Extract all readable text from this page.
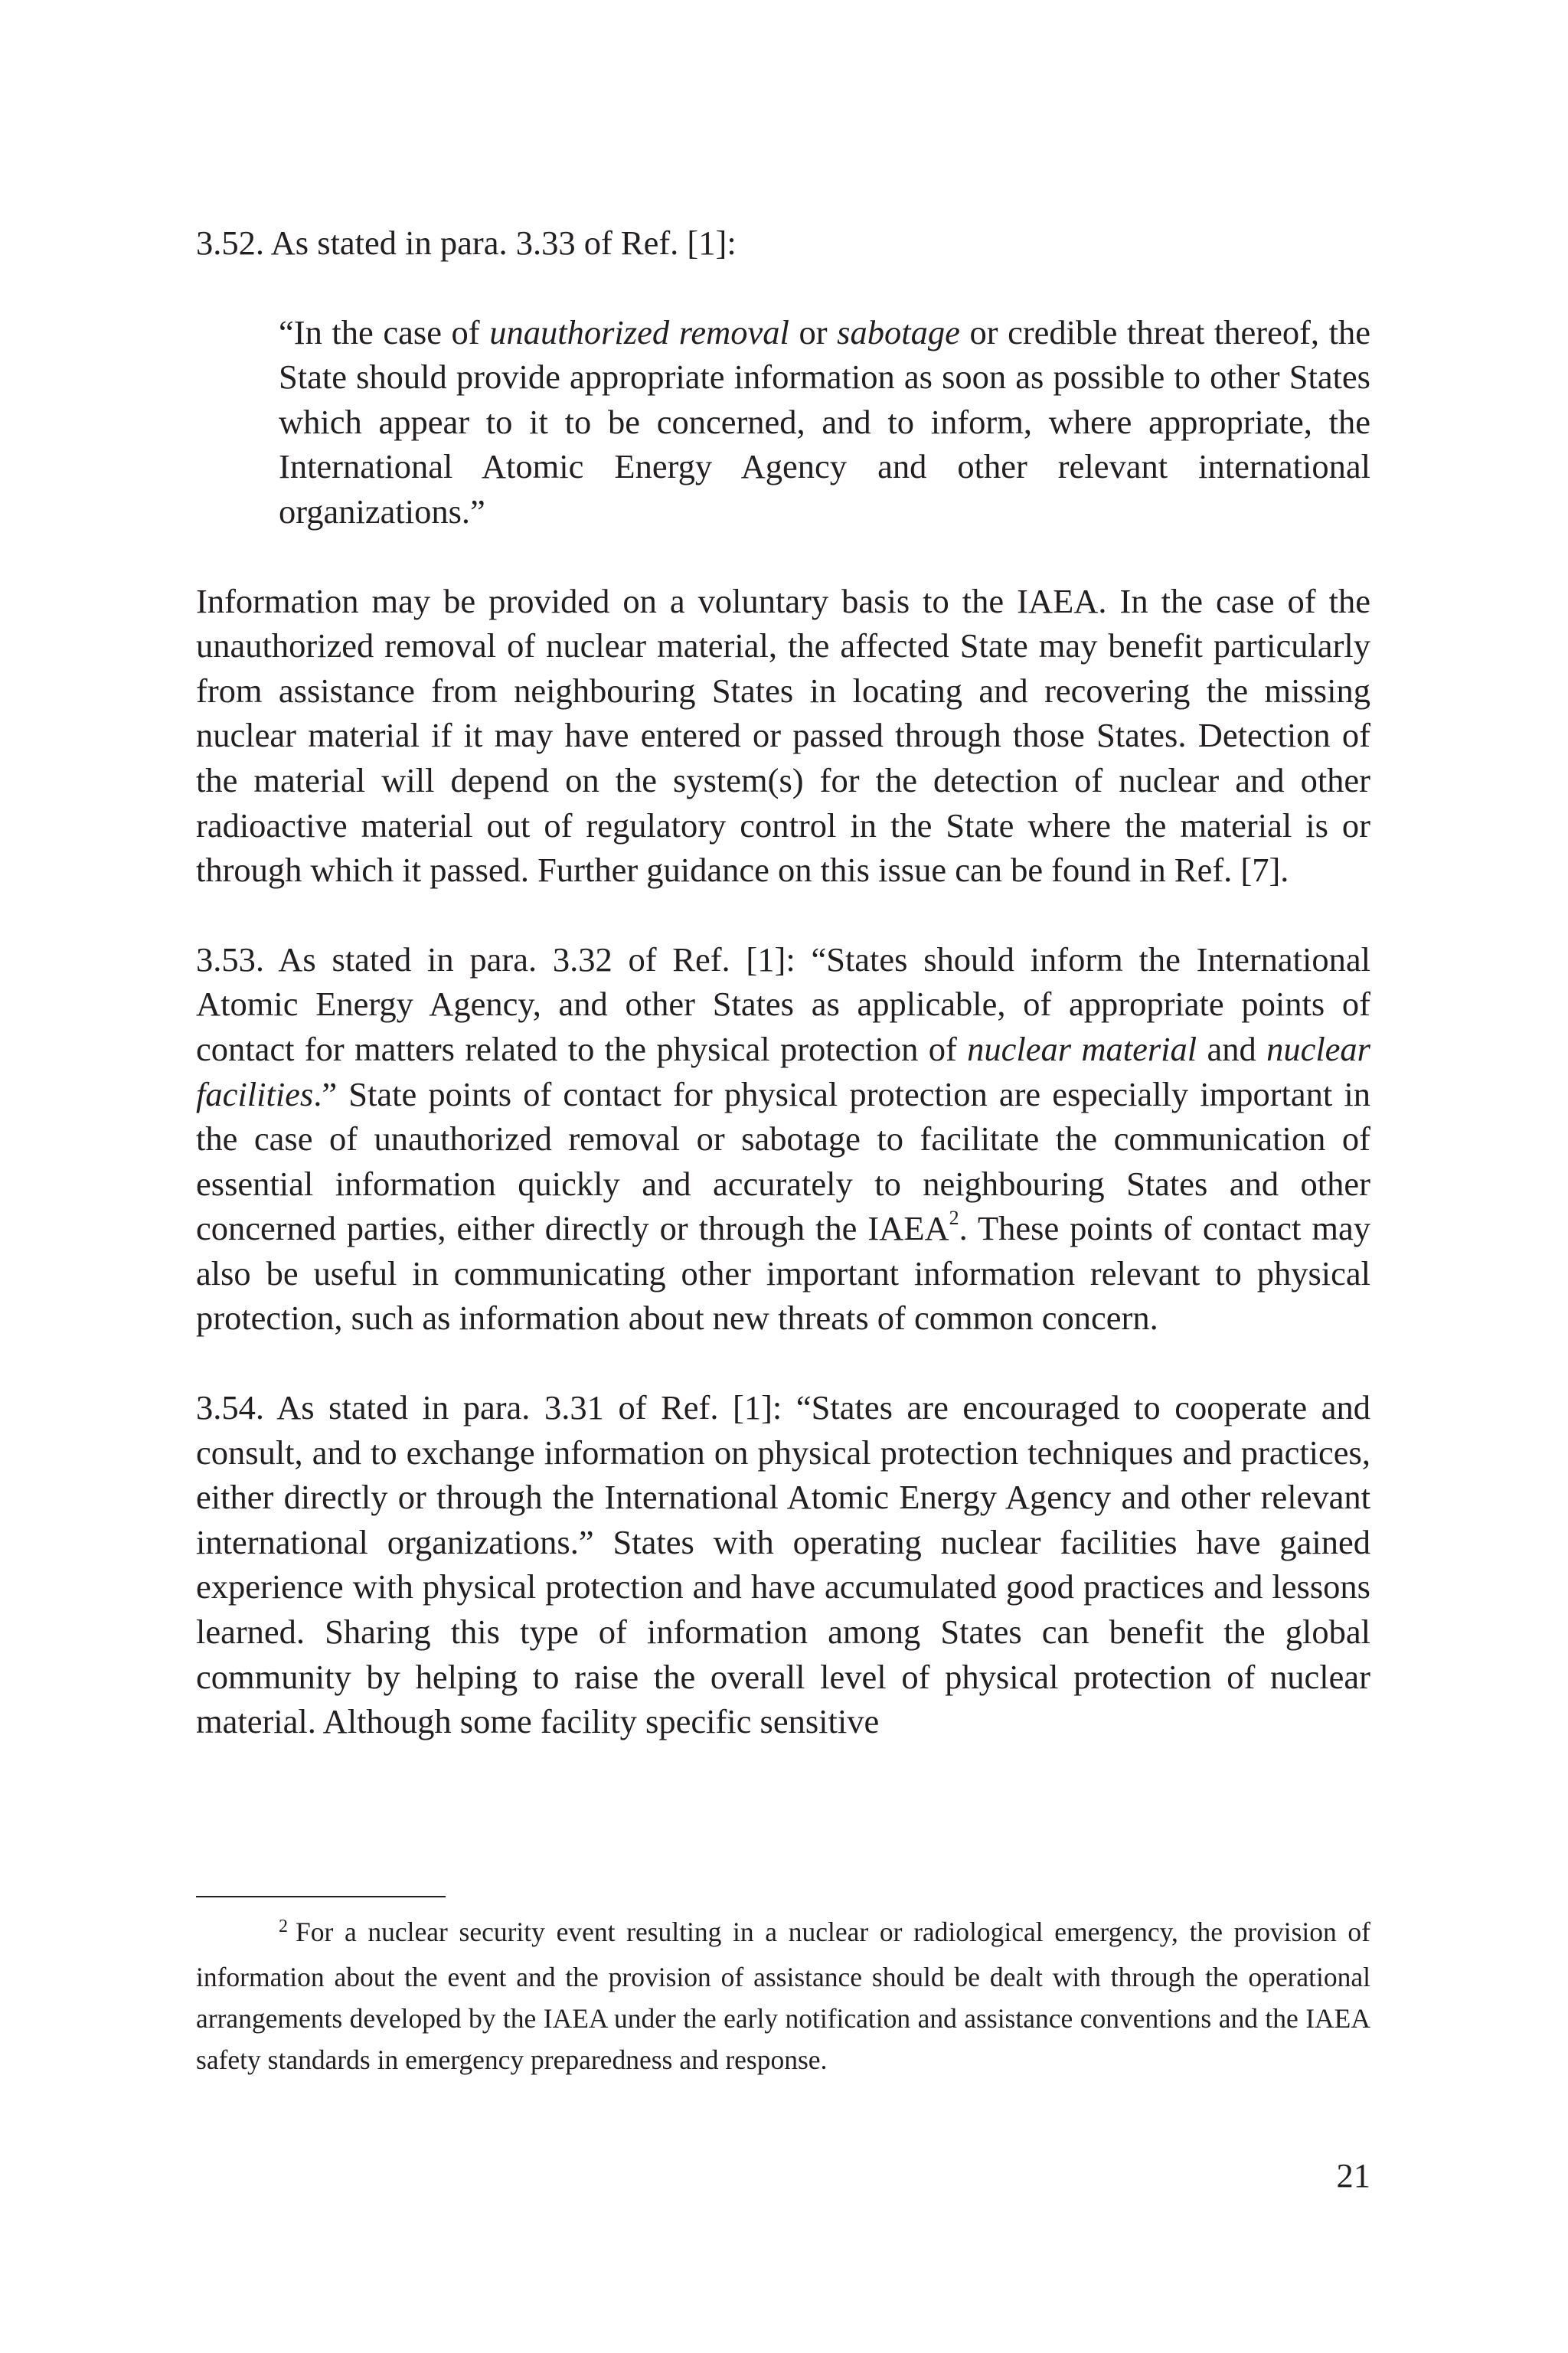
3.52. As stated in para. 3.33 of Ref. [1]:

“In the case of unauthorized removal or sabotage or credible threat thereof, the State should provide appropriate information as soon as possible to other States which appear to it to be concerned, and to inform, where appropriate, the International Atomic Energy Agency and other relevant international organizations.”

Information may be provided on a voluntary basis to the IAEA. In the case of the unauthorized removal of nuclear material, the affected State may benefit particularly from assistance from neighbouring States in locating and recovering the missing nuclear material if it may have entered or passed through those States. Detection of the material will depend on the system(s) for the detection of nuclear and other radioactive material out of regulatory control in the State where the material is or through which it passed. Further guidance on this issue can be found in Ref. [7].

3.53. As stated in para. 3.32 of Ref. [1]: “States should inform the International Atomic Energy Agency, and other States as applicable, of appropriate points of contact for matters related to the physical protection of nuclear material and nuclear facilities.” State points of contact for physical protection are especially important in the case of unauthorized removal or sabotage to facilitate the communication of essential information quickly and accurately to neighbouring States and other concerned parties, either directly or through the IAEA$^2$. These points of contact may also be useful in communicating other important information relevant to physical protection, such as information about new threats of common concern.

3.54. As stated in para. 3.31 of Ref. [1]: “States are encouraged to cooperate and consult, and to exchange information on physical protection techniques and practices, either directly or through the International Atomic Energy Agency and other relevant international organizations.” States with operating nuclear facilities have gained experience with physical protection and have accumulated good practices and lessons learned. Sharing this type of information among States can benefit the global community by helping to raise the overall level of physical protection of nuclear material. Although some facility specific sensitive

2 For a nuclear security event resulting in a nuclear or radiological emergency, the provision of information about the event and the provision of assistance should be dealt with through the operational arrangements developed by the IAEA under the early notification and assistance conventions and the IAEA safety standards in emergency preparedness and response.

21
